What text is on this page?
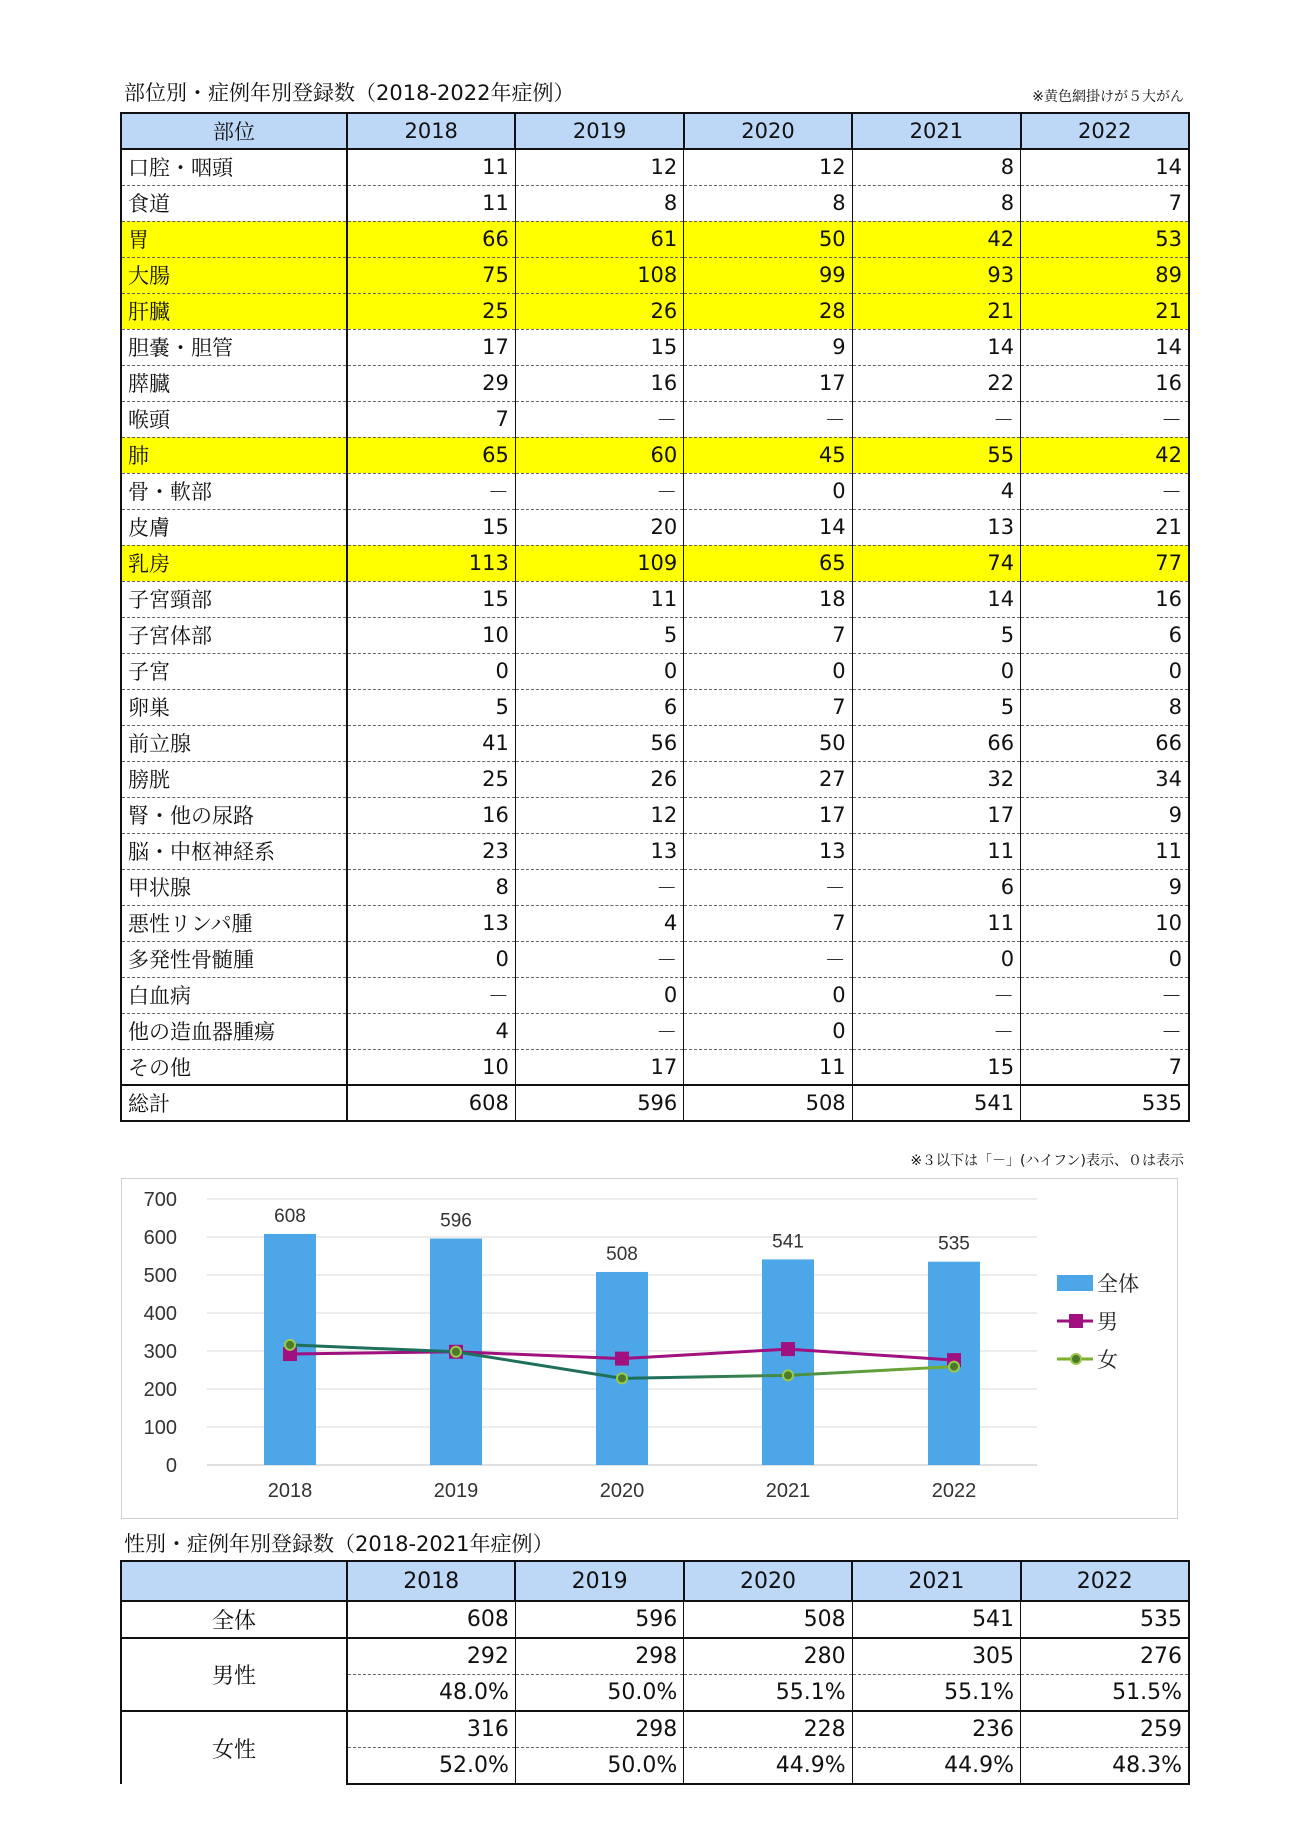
部位別・症例年別登録数（2018-2022年症例）	※黄色網掛けが５大がん
部位	2018	2019	2020	2021	2022
口腔・咽頭	11	12	12	8	14
食道	11	8	8	8	7
胃	66	61	50	42	53
大腸	75	108	99	93	89
肝臓	25	26	28	21	21
胆嚢・胆管	17	15	9	14	14
膵臓	29	16	17	22	16
喉頭	7	－	－	－	－
肺	65	60	45	55	42
骨・軟部	－	－	0	4	－
皮膚	15	20	14	13	21
乳房	113	109	65	74	77
子宮頸部	15	11	18	14	16
子宮体部	10	5	7	5	6
子宮	0	0	0	0	0
卵巣	5	6	7	5	8
前立腺	41	56	50	66	66
膀胱	25	26	27	32	34
腎・他の尿路	16	12	17	17	9
脳・中枢神経系	23	13	13	11	11
甲状腺	8	－	－	6	9
悪性リンパ腫	13	4	7	11	10
多発性骨髄腫	0	－	－	0	0
白血病	－	0	0	－	－
他の造血器腫瘍	4	－	0	－	－
その他	10	17	11	15	7
総計	608	596	508	541	535
※３以下は「－」(ハイフン)表示、０は表示
0
100
200
300
400
500
600
700
608	596
508
541	535
2018	2019	2020	2021	2022
全体
男
女
性別・症例年別登録数（2018-2021年症例）
	2018	2019	2020	2021	2022
全体	608	596	508	541	535
男性	292	298	280	305	276
	48.0%	50.0%	55.1%	55.1%	51.5%
女性	316	298	228	236	259
	52.0%	50.0%	44.9%	44.9%	48.3%
